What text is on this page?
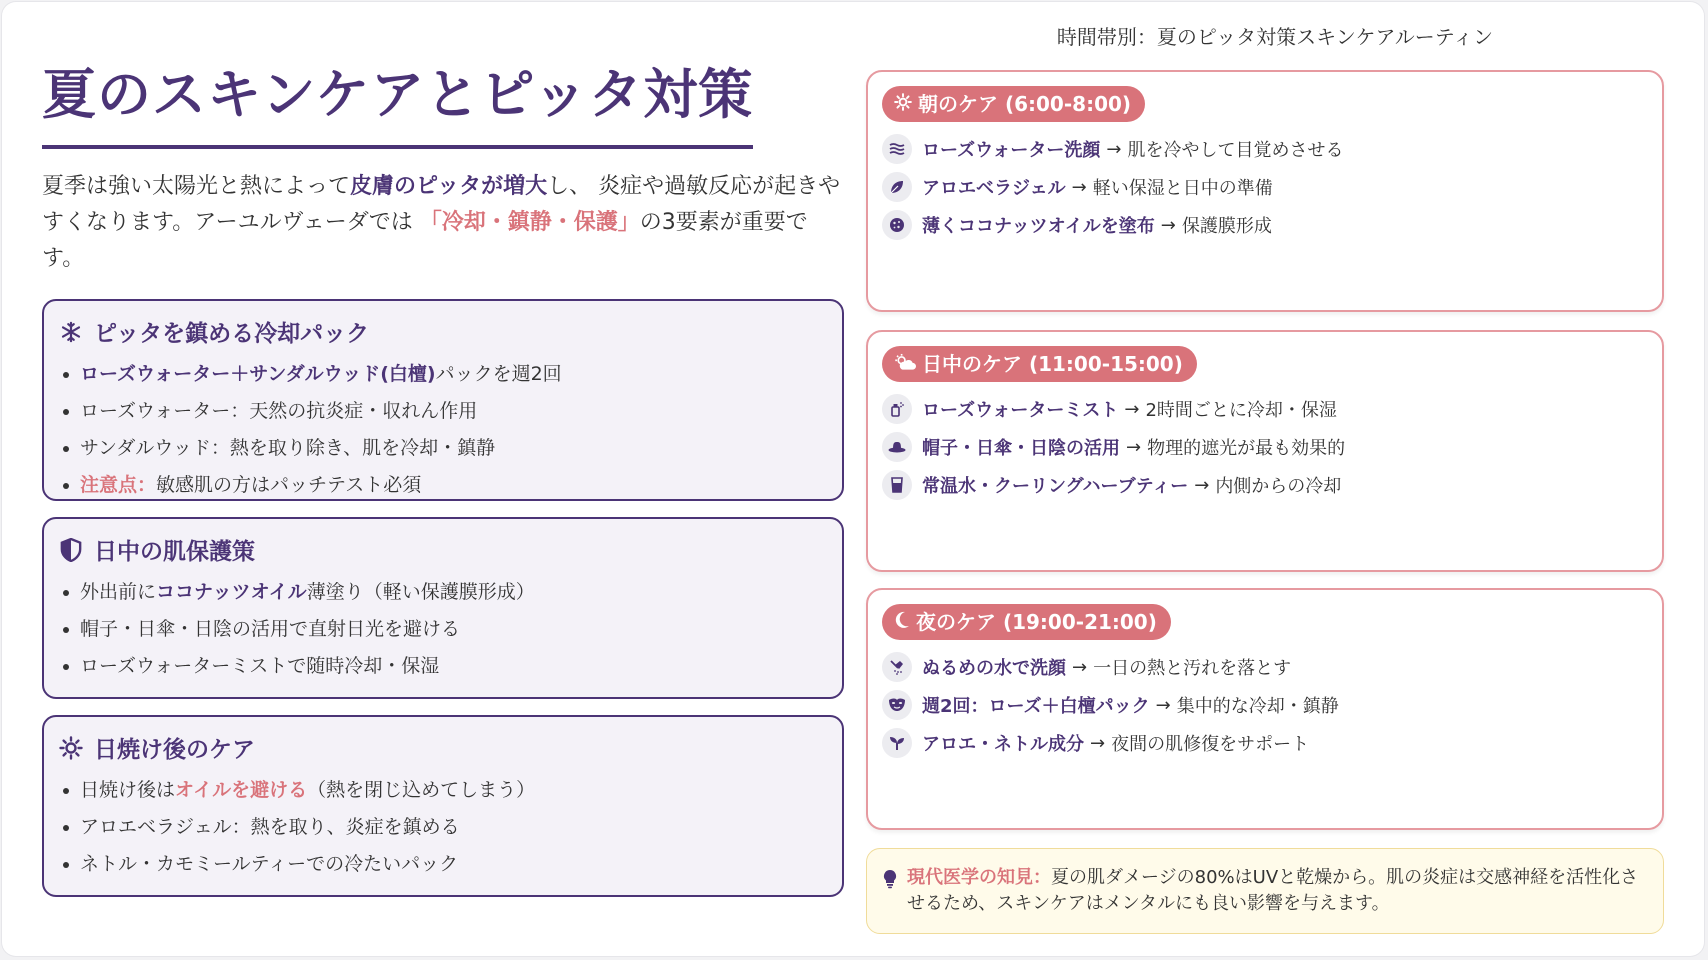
夏のスキンケアとピッタ対策
夏季は強い太陽光と熱によって皮膚のピッタが増大し、 炎症や過敏反応が起きやすくなります。アーユルヴェーダでは 「冷却・鎮静・保護」の3要素が重要です。
ピッタを鎮める冷却パック
ローズウォーター＋サンダルウッド(白檀)パックを週2回
ローズウォーター：天然の抗炎症・収れん作用
サンダルウッド：熱を取り除き、肌を冷却・鎮静
注意点：敏感肌の方はパッチテスト必須
日中の肌保護策
外出前にココナッツオイル薄塗り（軽い保護膜形成）
帽子・日傘・日陰の活用で直射日光を避ける
ローズウォーターミストで随時冷却・保湿
日焼け後のケア
日焼け後はオイルを避ける（熱を閉じ込めてしまう）
アロエベラジェル：熱を取り、炎症を鎮める
ネトル・カモミールティーでの冷たいパック
時間帯別：夏のピッタ対策スキンケアルーティン
朝のケア (6:00-8:00)
ローズウォーター洗顔 → 肌を冷やして目覚めさせる
アロエベラジェル → 軽い保湿と日中の準備
薄くココナッツオイルを塗布 → 保護膜形成
日中のケア (11:00-15:00)
ローズウォーターミスト → 2時間ごとに冷却・保湿
帽子・日傘・日陰の活用 → 物理的遮光が最も効果的
常温水・クーリングハーブティー → 内側からの冷却
夜のケア (19:00-21:00)
ぬるめの水で洗顔 → 一日の熱と汚れを落とす
週2回：ローズ＋白檀パック → 集中的な冷却・鎮静
アロエ・ネトル成分 → 夜間の肌修復をサポート
現代医学の知見：夏の肌ダメージの80%はUVと乾燥から。肌の炎症は交感神経を活性化させるため、スキンケアはメンタルにも良い影響を与えます。
